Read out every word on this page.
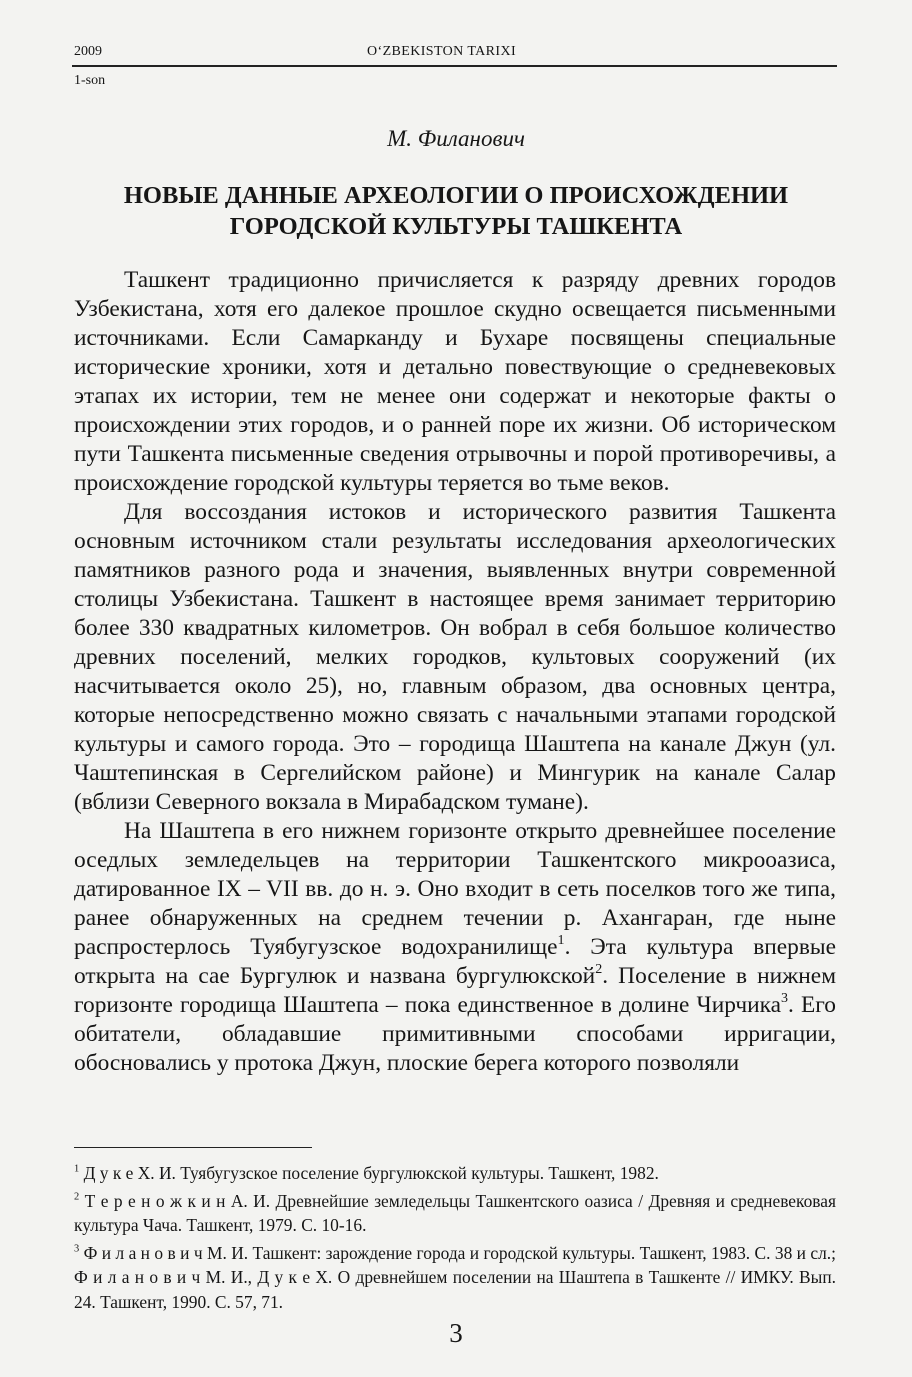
2009	O‘ZBEKISTON TARIXI
1-son
М. Филанович
НОВЫЕ ДАННЫЕ АРХЕОЛОГИИ О ПРОИСХОЖДЕНИИ
ГОРОДСКОЙ КУЛЬТУРЫ ТАШКЕНТА

Ташкент традиционно причисляется к разряду древних городов Узбекистана, хотя его далекое прошлое скудно освещается письменными источниками. Если Самарканду и Бухаре посвящены специальные исторические хроники, хотя и детально повествующие о средневековых этапах их истории, тем не менее они содержат и некоторые факты о происхождении этих городов, и о ранней поре их жизни. Об историческом пути Ташкента письменные сведения отрывочны и порой противоречивы, а происхождение городской культуры теряется во тьме веков.

Для воссоздания истоков и исторического развития Ташкента основным источником стали результаты исследования археологических памятников разного рода и значения, выявленных внутри современной столицы Узбекистана. Ташкент в настоящее время занимает территорию более 330 квадратных километров. Он вобрал в себя большое количество древних поселений, мелких городков, культовых сооружений (их насчитывается около 25), но, главным образом, два основных центра, которые непосредственно можно связать с начальными этапами городской культуры и самого города. Это – городища Шаштепа на канале Джун (ул. Чаштепинская в Сергелийском районе) и Мингурик на канале Салар (вблизи Северного вокзала в Мирабадском тумане).

На Шаштепа в его нижнем горизонте открыто древнейшее поселение оседлых земледельцев на территории Ташкентского микрооазиса, датированное IX – VII вв. до н. э. Оно входит в сеть поселков того же типа, ранее обнаруженных на среднем течении р. Ахангаран, где ныне распростерлось Туябугузское водохранилище$^1$. Эта культура впервые открыта на сае Бургулюк и названа бургулюкской$^2$. Поселение в нижнем горизонте городища Шаштепа – пока единственное в долине Чирчика$^3$. Его обитатели, обладавшие примитивными способами ирригации, обосновались у протока Джун, плоские берега которого позволяли

$^1$ Д у к е Х. И. Туябугузское поселение бургулюкской культуры. Ташкент, 1982.

$^2$ Т е р е н о ж к и н А. И. Древнейшие земледельцы Ташкентского оазиса / Древняя и средневековая культура Чача. Ташкент, 1979. С. 10-16.

$^3$ Ф и л а н о в и ч М. И. Ташкент: зарождение города и городской культуры. Ташкент, 1983. С. 38 и сл.; Ф и л а н о в и ч М. И., Д у к е Х. О древнейшем поселении на Шаштепа в Ташкенте // ИМКУ. Вып. 24. Ташкент, 1990. С. 57, 71.

3
